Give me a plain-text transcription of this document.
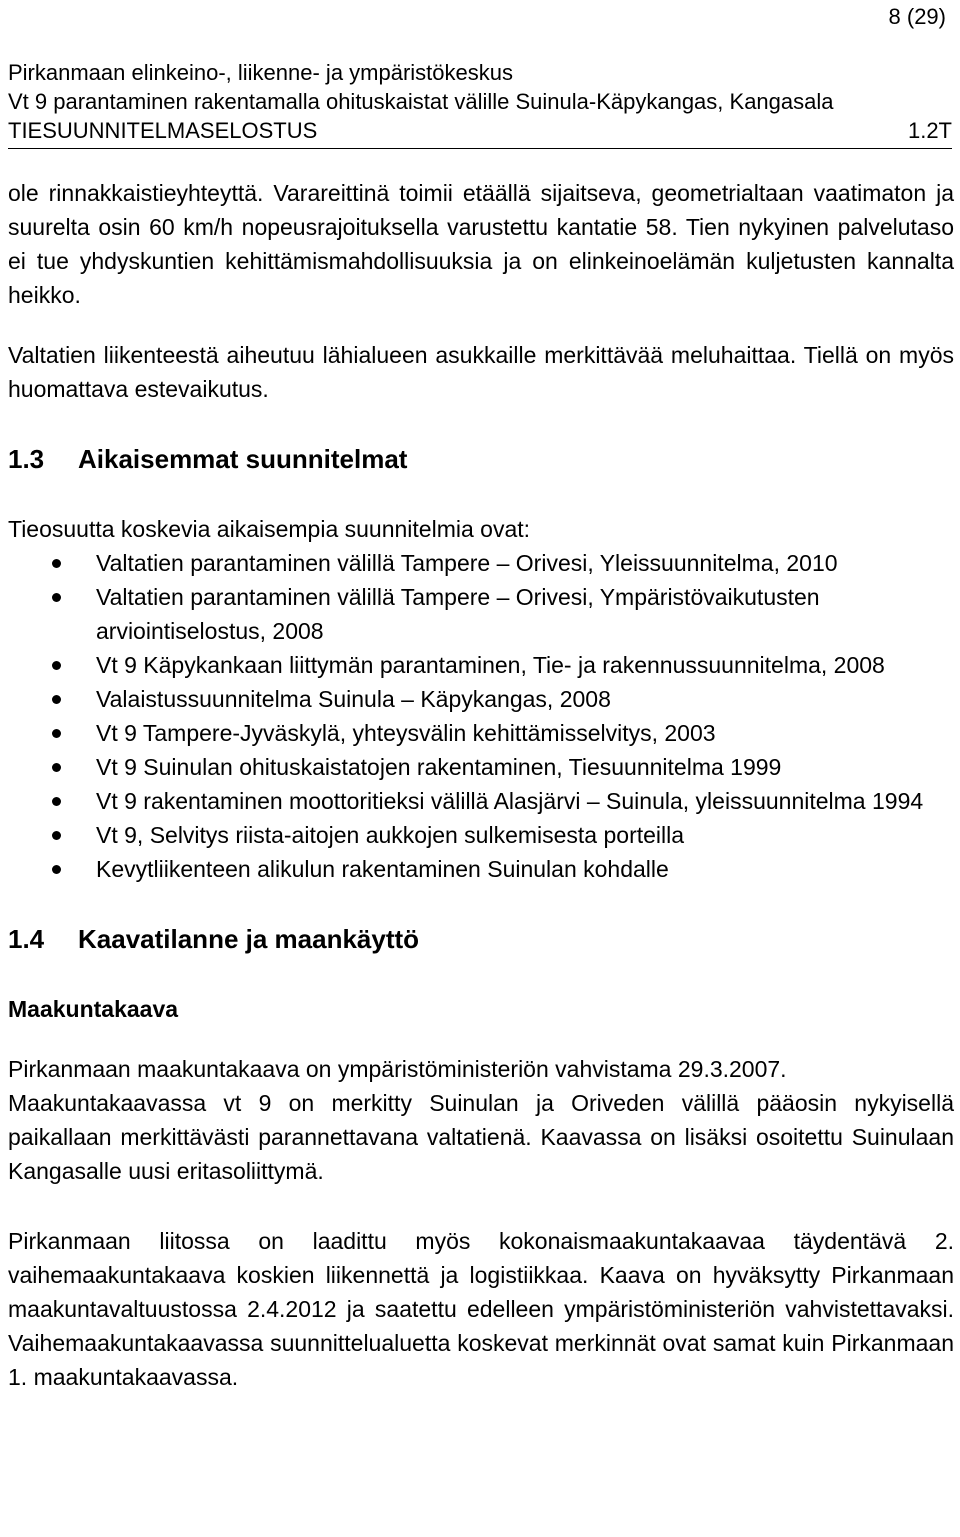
8 (29)
Pirkanmaan elinkeino-, liikenne- ja ympäristökeskus
Vt 9 parantaminen rakentamalla ohituskaistat välille Suinula-Käpykangas, Kangasala
TIESUUNNITELMASELOSTUS	1.2T

ole rinnakkaistieyhteyttä. Varareittinä toimii etäällä sijaitseva, geometrialtaan vaatimaton ja suurelta osin 60 km/h nopeusrajoituksella varustettu kantatie 58. Tien nykyinen palvelutaso ei tue yhdyskuntien kehittämismahdollisuuksia ja on elinkeinoelämän kuljetusten kannalta heikko.

Valtatien liikenteestä aiheutuu lähialueen asukkaille merkittävää meluhaittaa. Tiellä on myös huomattava estevaikutus.

1.3 Aikaisemmat suunnitelmat

Tieosuutta koskevia aikaisempia suunnitelmia ovat:

Valtatien parantaminen välillä Tampere – Orivesi, Yleissuunnitelma, 2010
Valtatien parantaminen välillä Tampere – Orivesi, Ympäristövaikutusten arviointiselostus, 2008
Vt 9 Käpykankaan liittymän parantaminen, Tie- ja rakennussuunnitelma, 2008
Valaistussuunnitelma Suinula – Käpykangas, 2008
Vt 9 Tampere-Jyväskylä, yhteysvälin kehittämisselvitys, 2003
Vt 9 Suinulan ohituskaistatojen rakentaminen, Tiesuunnitelma 1999
Vt 9 rakentaminen moottoritieksi välillä Alasjärvi – Suinula, yleissuunnitelma 1994
Vt 9, Selvitys riista-aitojen aukkojen sulkemisesta porteilla
Kevytliikenteen alikulun rakentaminen Suinulan kohdalle
1.4 Kaavatilanne ja maankäyttö
Maakuntakaava

Pirkanmaan maakuntakaava on ympäristöministeriön vahvistama 29.3.2007.

Maakuntakaavassa vt 9 on merkitty Suinulan ja Oriveden välillä pääosin nykyisellä paikallaan merkittävästi parannettavana valtatienä. Kaavassa on lisäksi osoitettu Suinulaan Kangasalle uusi eritasoliittymä.

Pirkanmaan liitossa on laadittu myös kokonaismaakuntakaavaa täydentävä 2. vaihemaakuntakaava koskien liikennettä ja logistiikkaa. Kaava on hyväksytty Pirkanmaan maakuntavaltuustossa 2.4.2012 ja saatettu edelleen ympäristöministeriön vahvistettavaksi. Vaihemaakuntakaavassa suunnittelualuetta koskevat merkinnät ovat samat kuin Pirkanmaan 1. maakuntakaavassa.
